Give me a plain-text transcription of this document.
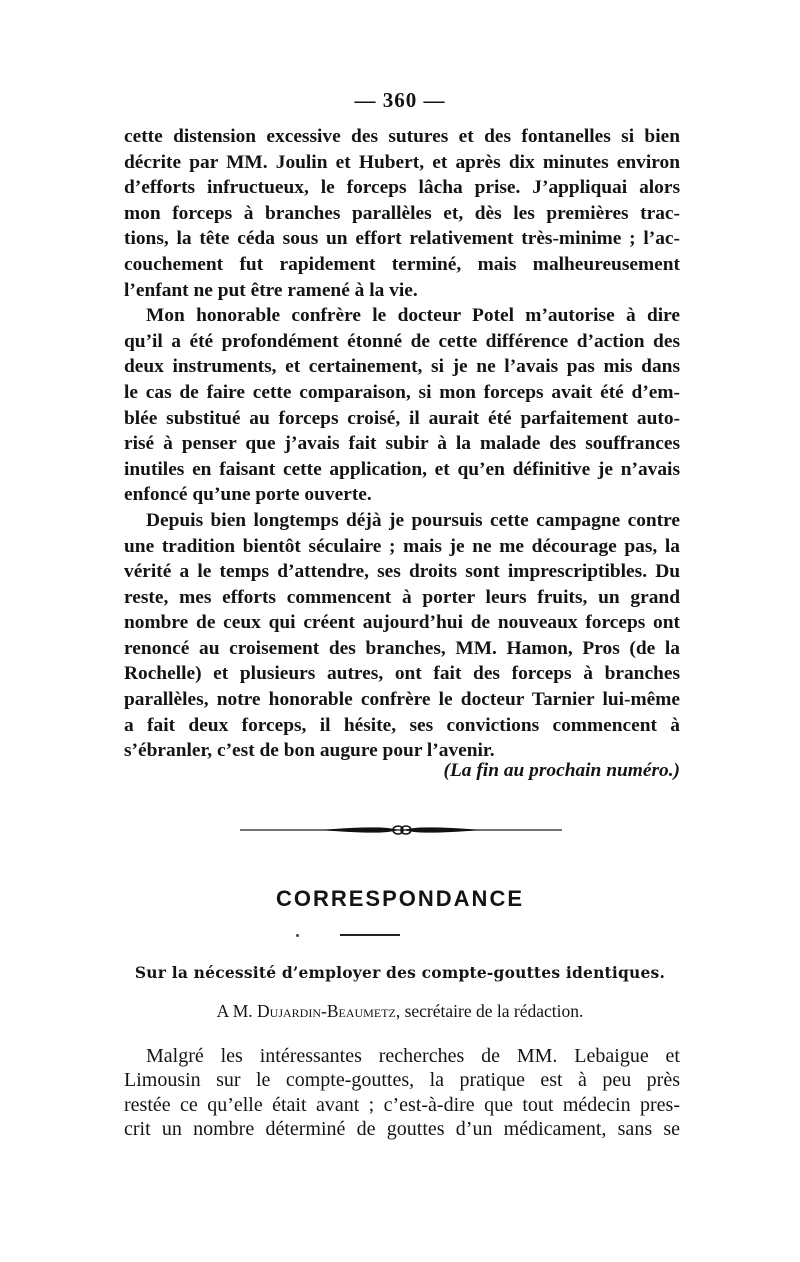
— 360 —
cette distension excessive des sutures et des fontanelles si bien
décrite par MM. Joulin et Hubert, et après dix minutes environ
d’efforts infructueux, le forceps lâcha prise. J’appliquai alors
mon forceps à branches parallèles et, dès les premières trac-
tions, la tête céda sous un effort relativement très-minime ; l’ac-
couchement fut rapidement terminé, mais malheureusement
l’enfant ne put être ramené à la vie.
Mon honorable confrère le docteur Potel m’autorise à dire
qu’il a été profondément étonné de cette différence d’action des
deux instruments, et certainement, si je ne l’avais pas mis dans
le cas de faire cette comparaison, si mon forceps avait été d’em-
blée substitué au forceps croisé, il aurait été parfaitement auto-
risé à penser que j’avais fait subir à la malade des souffrances
inutiles en faisant cette application, et qu’en définitive je n’avais
enfoncé qu’une porte ouverte.
Depuis bien longtemps déjà je poursuis cette campagne contre
une tradition bientôt séculaire ; mais je ne me décourage pas, la
vérité a le temps d’attendre, ses droits sont imprescriptibles. Du
reste, mes efforts commencent à porter leurs fruits, un grand
nombre de ceux qui créent aujourd’hui de nouveaux forceps ont
renoncé au croisement des branches, MM. Hamon, Pros (de la
Rochelle) et plusieurs autres, ont fait des forceps à branches
parallèles, notre honorable confrère le docteur Tarnier lui-même
a fait deux forceps, il hésite, ses convictions commencent à
s’ébranler, c’est de bon augure pour l’avenir.
(La fin au prochain numéro.)
CORRESPONDANCE
Sur la nécessité d’employer des compte-gouttes identiques.
A M. Dujardin-Beaumetz, secrétaire de la rédaction.
Malgré les intéressantes recherches de MM. Lebaigue et
Limousin sur le compte-gouttes, la pratique est à peu près
restée ce qu’elle était avant ; c’est-à-dire que tout médecin pres-
crit un nombre déterminé de gouttes d’un médicament, sans se
